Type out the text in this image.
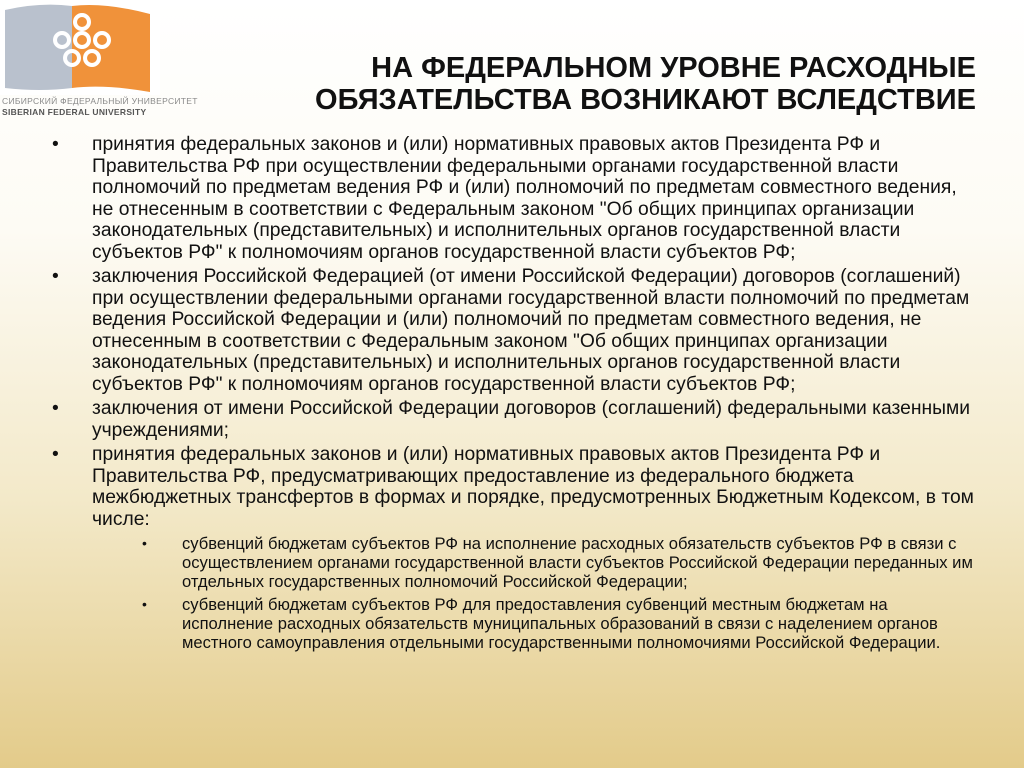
СИБИРСКИЙ ФЕДЕРАЛЬНЫЙ УНИВЕРСИТЕТ
SIBERIAN FEDERAL UNIVERSITY
НА ФЕДЕРАЛЬНОМ УРОВНЕ РАСХОДНЫЕ
ОБЯЗАТЕЛЬСТВА ВОЗНИКАЮТ ВСЛЕДСТВИЕ
• принятия федеральных законов и (или) нормативных правовых актов Президента РФ и Правительства РФ при осуществлении федеральными органами государственной власти полномочий по предметам ведения РФ и (или) полномочий по предметам совместного ведения, не отнесенным в соответствии с Федеральным законом "Об общих принципах организации законодательных (представительных) и исполнительных органов государственной власти субъектов РФ" к полномочиям органов государственной власти субъектов РФ;
• заключения Российской Федерацией (от имени Российской Федерации) договоров (соглашений) при осуществлении федеральными органами государственной власти полномочий по предметам ведения Российской Федерации и (или) полномочий по предметам совместного ведения, не отнесенным в соответствии с Федеральным законом "Об общих принципах организации законодательных (представительных) и исполнительных органов государственной власти субъектов РФ" к полномочиям органов государственной власти субъектов РФ;
• заключения от имени Российской Федерации договоров (соглашений) федеральными казенными учреждениями;
• принятия федеральных законов и (или) нормативных правовых актов Президента РФ и Правительства РФ, предусматривающих предоставление из федерального бюджета межбюджетных трансфертов в формах и порядке, предусмотренных Бюджетным Кодексом, в том числе:
• субвенций бюджетам субъектов РФ на исполнение расходных обязательств субъектов РФ в связи с осуществлением органами государственной власти субъектов Российской Федерации переданных им отдельных государственных полномочий Российской Федерации;
• субвенций бюджетам субъектов РФ для предоставления субвенций местным бюджетам на исполнение расходных обязательств муниципальных образований в связи с наделением органов местного самоуправления отдельными государственными полномочиями Российской Федерации.
